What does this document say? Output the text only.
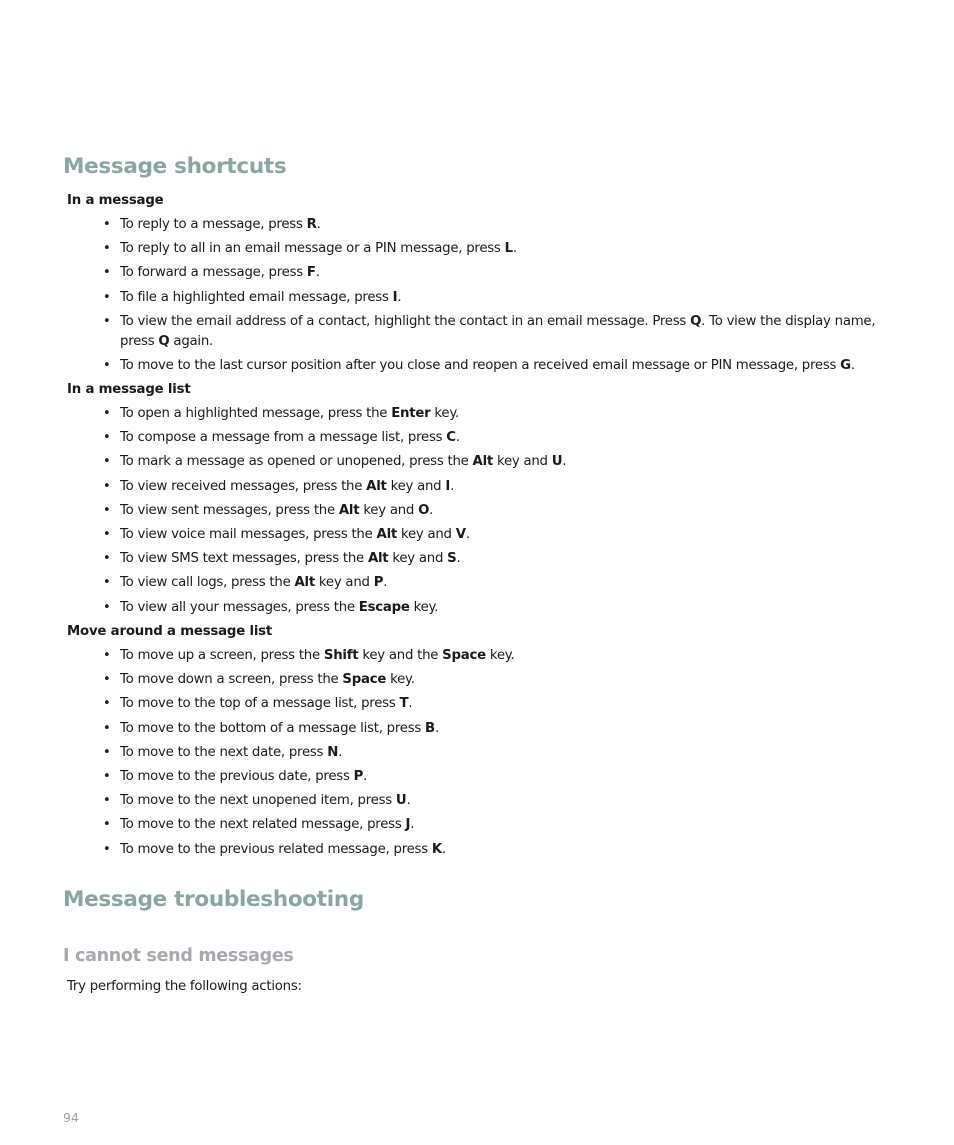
Message shortcuts
In a message
• To reply to a message, press R.
• To reply to all in an email message or a PIN message, press L.
• To forward a message, press F.
• To file a highlighted email message, press I.
• To view the email address of a contact, highlight the contact in an email message. Press Q. To view the display name, press Q again.
• To move to the last cursor position after you close and reopen a received email message or PIN message, press G.
In a message list
• To open a highlighted message, press the Enter key.
• To compose a message from a message list, press C.
• To mark a message as opened or unopened, press the Alt key and U.
• To view received messages, press the Alt key and I.
• To view sent messages, press the Alt key and O.
• To view voice mail messages, press the Alt key and V.
• To view SMS text messages, press the Alt key and S.
• To view call logs, press the Alt key and P.
• To view all your messages, press the Escape key.
Move around a message list
• To move up a screen, press the Shift key and the Space key.
• To move down a screen, press the Space key.
• To move to the top of a message list, press T.
• To move to the bottom of a message list, press B.
• To move to the next date, press N.
• To move to the previous date, press P.
• To move to the next unopened item, press U.
• To move to the next related message, press J.
• To move to the previous related message, press K.
Message troubleshooting
I cannot send messages

Try performing the following actions:

94
